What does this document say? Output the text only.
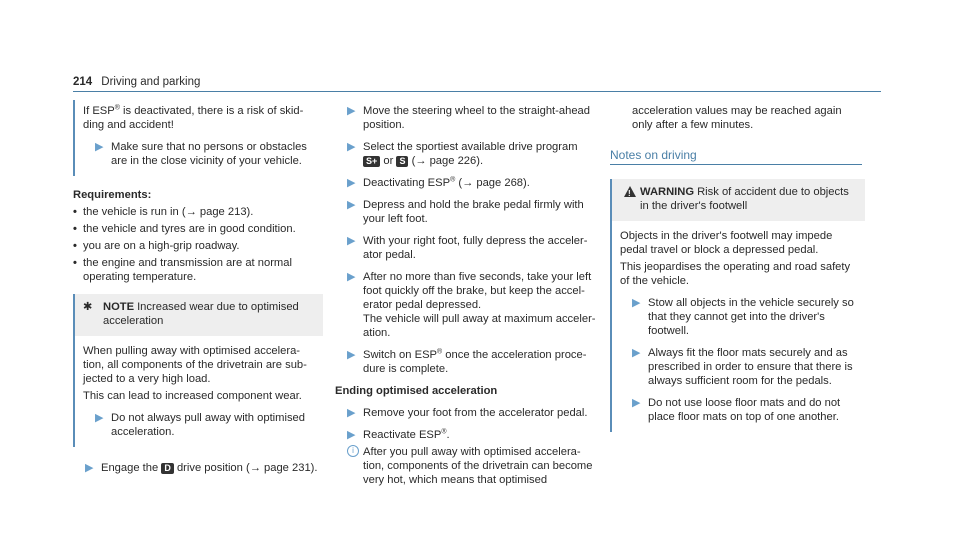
214 Driving and parking

If ESP® is deactivated, there is a risk of skid-ding and accident!

▶ Make sure that no persons or obstacles are in the close vicinity of your vehicle.
Requirements:
• the vehicle is run in (→ page 213).
• the vehicle and tyres are in good condition.
• you are on a high-grip roadway.
• the engine and transmission are at normal operating temperature.
✱ NOTE Increased wear due to optimised acceleration

When pulling away with optimised accelera-tion, all components of the drivetrain are sub-jected to a very high load.

This can lead to increased component wear.

▶ Do not always pull away with optimised acceleration.
▶ Engage the D drive position (→ page 231).
▶ Move the steering wheel to the straight-ahead position.
▶ Select the sportiest available drive program
S+ or S (→ page 226).
▶ Deactivating ESP® (→ page 268).
▶ Depress and hold the brake pedal firmly with your left foot.
▶ With your right foot, fully depress the acceler-ator pedal.
▶ After no more than five seconds, take your left foot quickly off the brake, but keep the accel-erator pedal depressed.
The vehicle will pull away at maximum acceler-ation.
▶ Switch on ESP® once the acceleration proce-dure is complete.
Ending optimised acceleration
▶ Remove your foot from the accelerator pedal.
▶ Reactivate ESP®.
i After you pull away with optimised accelera-tion, components of the drivetrain can become very hot, which means that optimised

acceleration values may be reached again only after a few minutes.

Notes on driving
!
WARNING Risk of accident due to objects in the driver's footwell

Objects in the driver's footwell may impede pedal travel or block a depressed pedal.

This jeopardises the operating and road safety of the vehicle.

▶ Stow all objects in the vehicle securely so that they cannot get into the driver's footwell.
▶ Always fit the floor mats securely and as prescribed in order to ensure that there is always sufficient room for the pedals.
▶ Do not use loose floor mats and do not place floor mats on top of one another.
